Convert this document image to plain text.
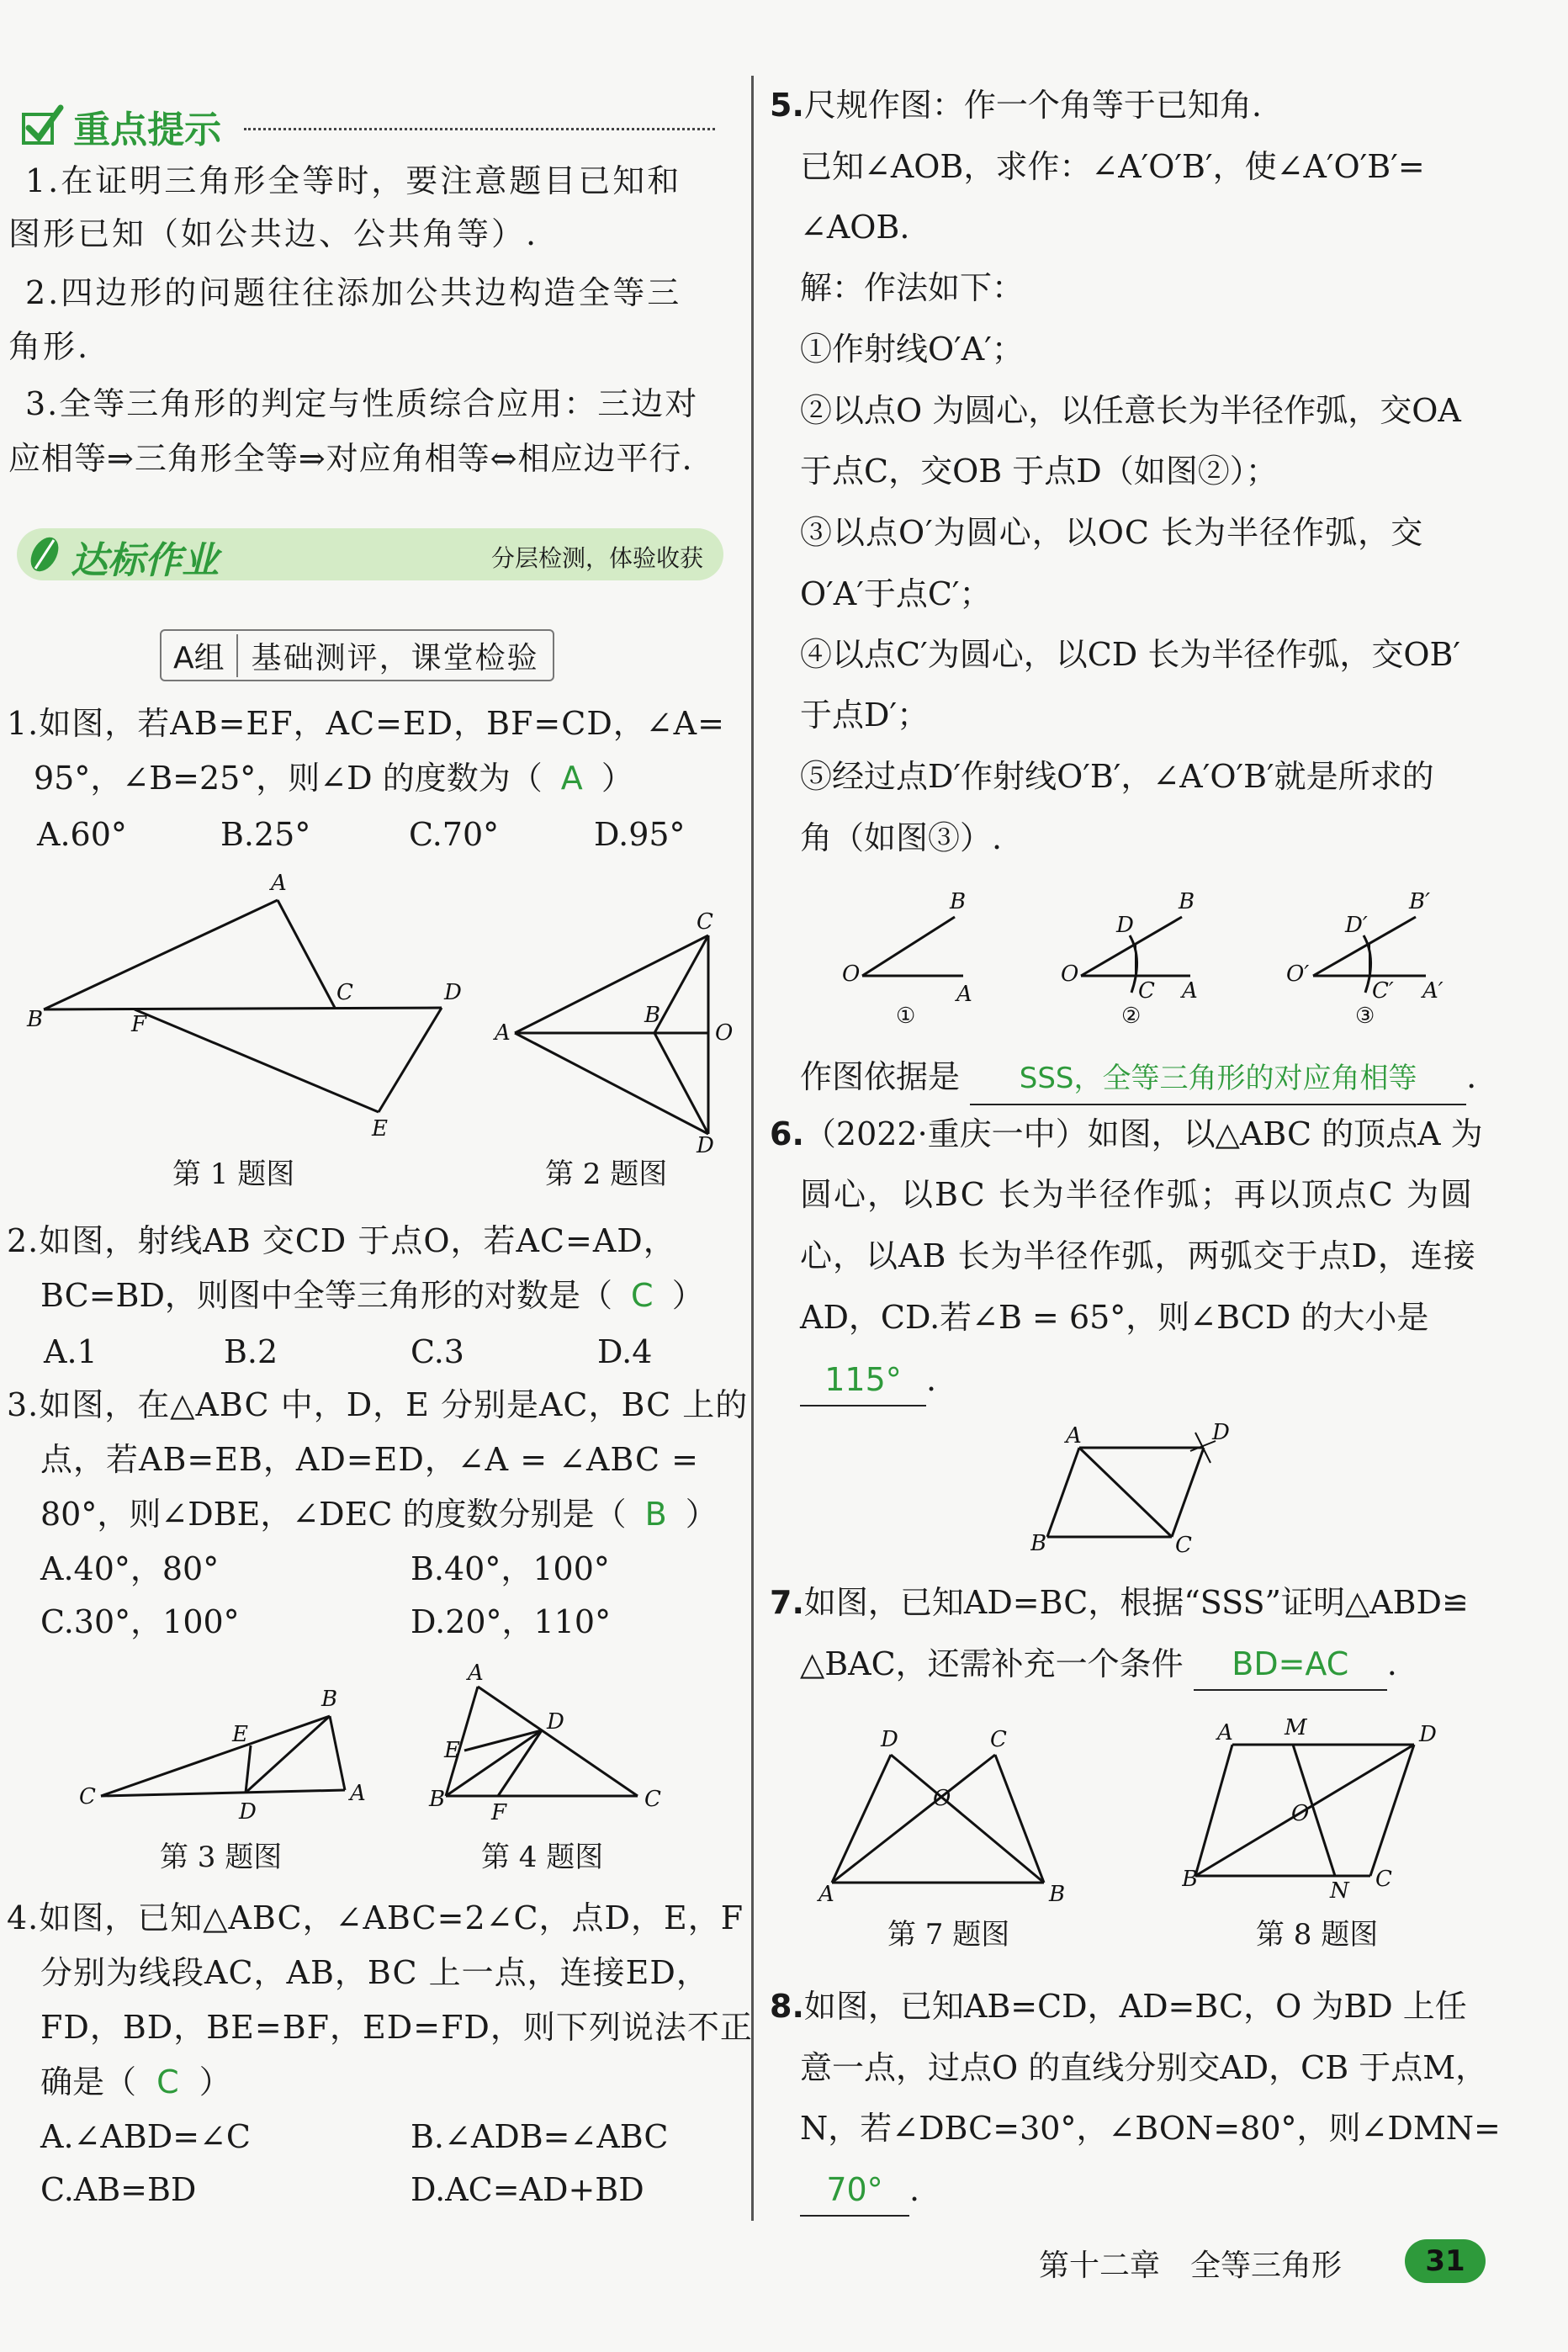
重点提示
1.在证明三角形全等时，要注意题目已知和
图形已知（如公共边、公共角等）.
2.四边形的问题往往添加公共边构造全等三
角形.
3.全等三角形的判定与性质综合应用：三边对
应相等⇒三角形全等⇒对应角相等⇔相应边平行.
达标作业	分层检测，体验收获
A组 基础测评，课堂检验
1.如图，若AB=EF，AC=ED，BF=CD，∠A=
95°，∠B=25°，则∠D 的度数为（ A ）
A.60°	B.25°	C.70°	D.95°
A
B	F
C	D
E
第 1 题图
C
A
B
O
D
第 2 题图
2.如图，射线AB 交CD 于点O，若AC=AD，
BC=BD，则图中全等三角形的对数是（ C ）
A.1	B.2	C.3	D.4
3.如图，在△ABC 中，D，E 分别是AC，BC 上的
点，若AB=EB，AD=ED，∠A = ∠ABC =
80°，则∠DBE，∠DEC 的度数分别是（ B ）
A.40°，80°	B.40°，100°
C.30°，100°	D.20°，110°
B
E
C
D
A
第 3 题图
A
D
E
B
F
C
第 4 题图
4.如图，已知△ABC，∠ABC=2∠C，点D，E，F
分别为线段AC，AB，BC 上一点，连接ED，
FD，BD，BE=BF，ED=FD，则下列说法不正
确是（ C ）
A.∠ABD=∠C	B.∠ADB=∠ABC
C.AB=BD	D.AC=AD+BD
5.尺规作图：作一个角等于已知角.
已知∠AOB，求作：∠A′O′B′，使∠A′O′B′=
∠AOB.
解：作法如下：
①作射线O′A′；
②以点O 为圆心，以任意长为半径作弧，交OA
于点C，交OB 于点D（如图②）；
③以点O′为圆心，以OC 长为半径作弧，交
O′A′于点C′；
④以点C′为圆心，以CD 长为半径作弧，交OB′
于点D′；
⑤经过点D′作射线O′B′，∠A′O′B′就是所求的
角（如图③）.
B
O
A
①
B
D
O
C A
②
B′
D′
O′
C′ A′
③
作图依据是 SSS，全等三角形的对应角相等 .
6.（2022·重庆一中）如图，以△ABC 的顶点A 为
圆心，以BC 长为半径作弧；再以顶点C 为圆
心，以AB 长为半径作弧，两弧交于点D，连接
AD，CD.若∠B = 65°，则∠BCD 的大小是
115° .
A	D
B	C
7.如图，已知AD=BC，根据“SSS”证明△ABD≌
△BAC，还需补充一个条件 BD=AC .
D	C
O
A	B
第 7 题图
A M	D
O
B	N C
第 8 题图
8.如图，已知AB=CD，AD=BC，O 为BD 上任
意一点，过点O 的直线分别交AD，CB 于点M，
N，若∠DBC=30°，∠BON=80°，则∠DMN=
70° .
第十二章　全等三角形	31
